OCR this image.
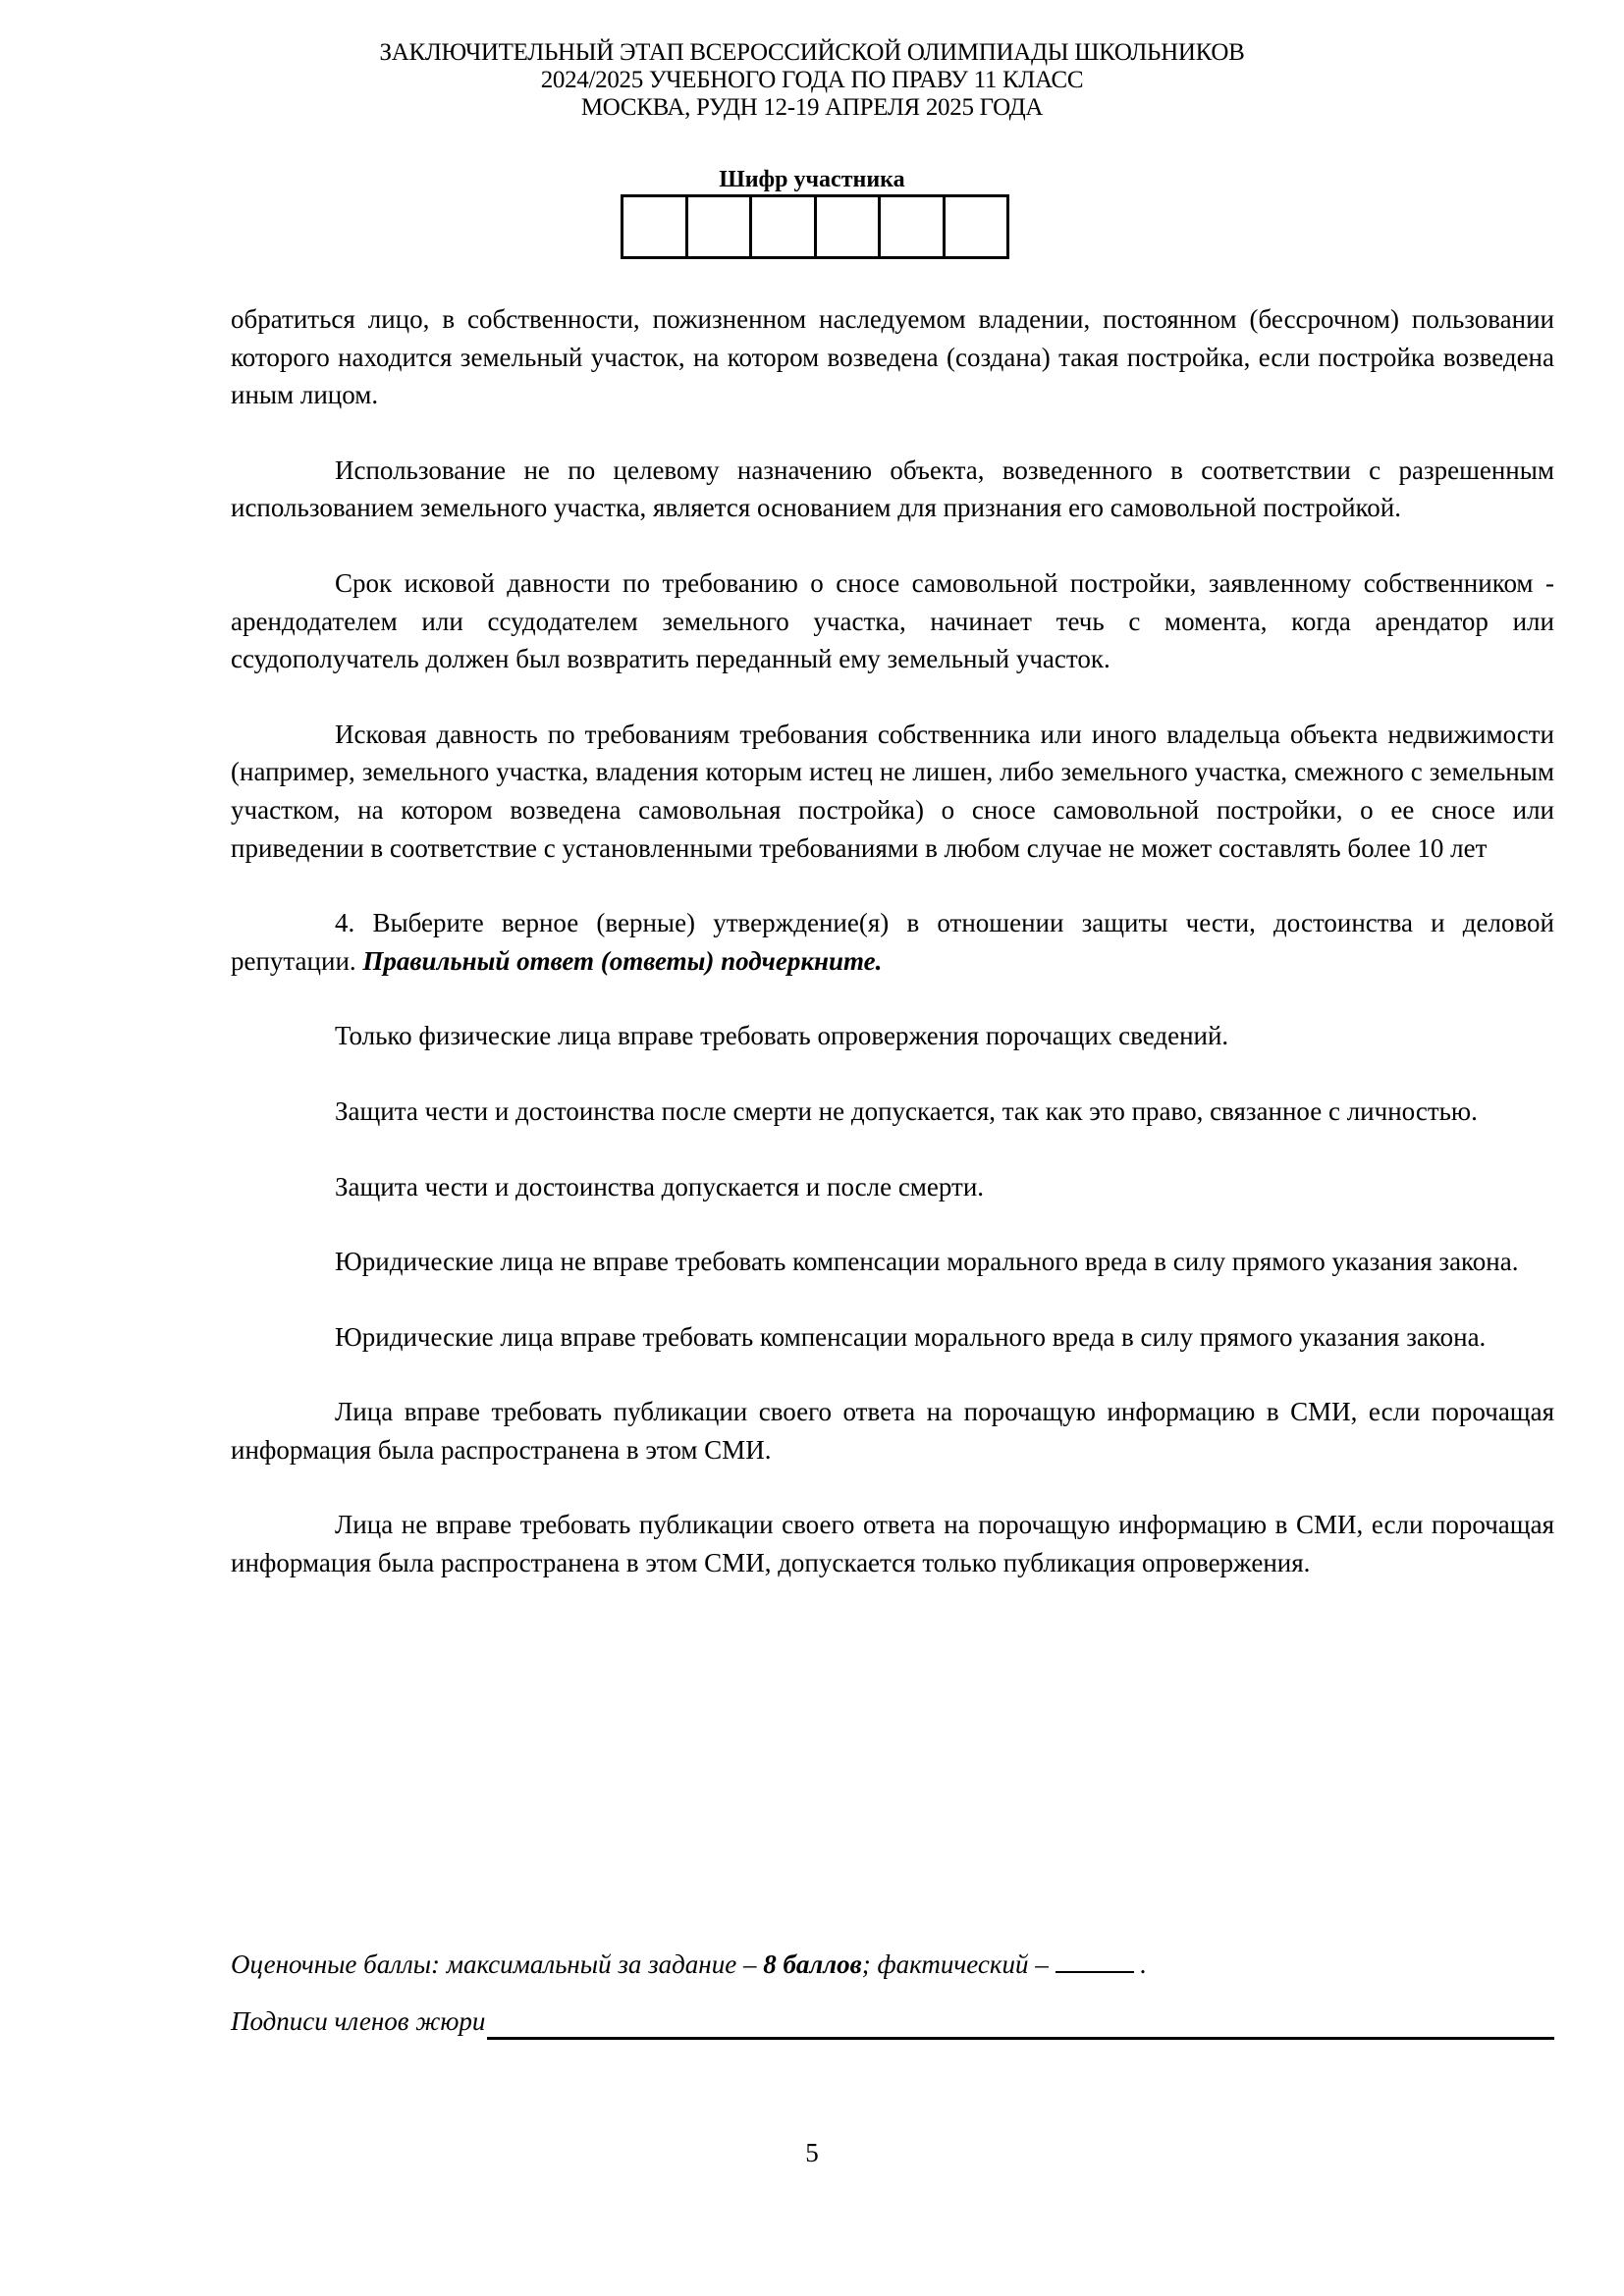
ЗАКЛЮЧИТЕЛЬНЫЙ ЭТАП ВСЕРОССИЙСКОЙ ОЛИМПИАДЫ ШКОЛЬНИКОВ
2024/2025 УЧЕБНОГО ГОДА ПО ПРАВУ 11 КЛАСС
МОСКВА, РУДН 12-19 АПРЕЛЯ 2025 ГОДА
Шифр участника

обратиться лицо, в собственности, пожизненном наследуемом владении, постоянном (бессрочном) пользовании которого находится земельный участок, на котором возведена (создана) такая постройка, если постройка возведена иным лицом.

Использование не по целевому назначению объекта, возведенного в соответствии с разрешенным использованием земельного участка, является основанием для признания его самовольной постройкой.

Срок исковой давности по требованию о сносе самовольной постройки, заявленному собственником - арендодателем или ссудодателем земельного участка, начинает течь с момента, когда арендатор или ссудополучатель должен был возвратить переданный ему земельный участок.

Исковая давность по требованиям требования собственника или иного владельца объекта недвижимости (например, земельного участка, владения которым истец не лишен, либо земельного участка, смежного с земельным участком, на котором возведена самовольная постройка) о сносе самовольной постройки, о ее сносе или приведении в соответствие с установленными требованиями в любом случае не может составлять более 10 лет

4. Выберите верное (верные) утверждение(я) в отношении защиты чести, достоинства и деловой репутации. Правильный ответ (ответы) подчеркните.

Только физические лица вправе требовать опровержения порочащих сведений.

Защита чести и достоинства после смерти не допускается, так как это право, связанное с личностью.

Защита чести и достоинства допускается и после смерти.

Юридические лица не вправе требовать компенсации морального вреда в силу прямого указания закона.

Юридические лица вправе требовать компенсации морального вреда в силу прямого указания закона.

Лица вправе требовать публикации своего ответа на порочащую информацию в СМИ, если порочащая информация была распространена в этом СМИ.

Лица не вправе требовать публикации своего ответа на порочащую информацию в СМИ, если порочащая информация была распространена в этом СМИ, допускается только публикация опровержения.

Оценочные баллы: максимальный за задание – 8 баллов; фактический –	.
Подписи членов жюри
5
